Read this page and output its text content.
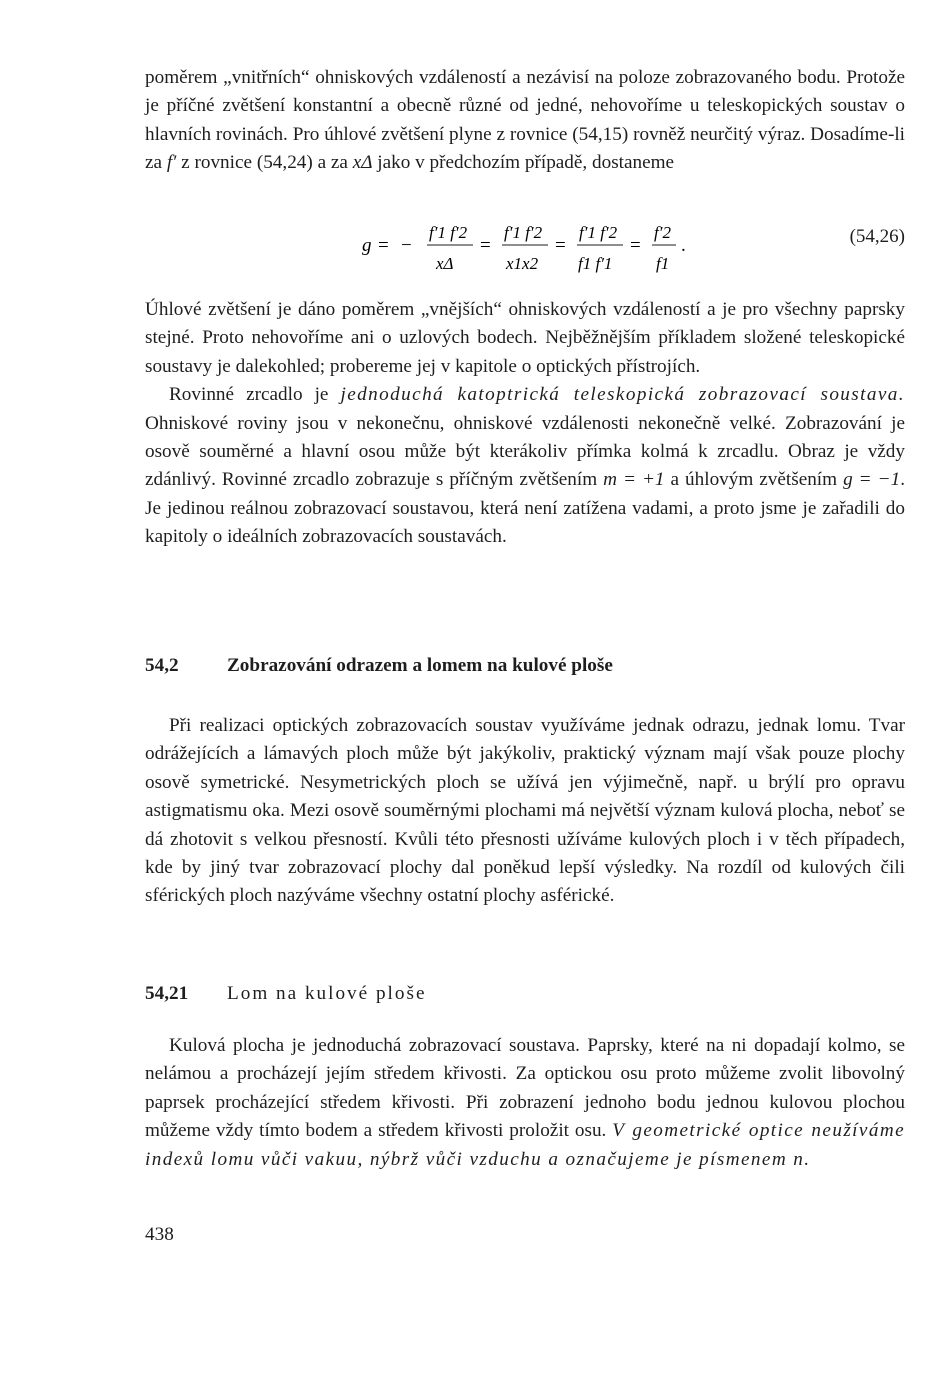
poměrem „vnitřních“ ohniskových vzdáleností a nezávisí na poloze zobrazovaného bodu. Protože je příčné zvětšení konstantní a obecně různé od jedné, nehovoříme u teleskopických soustav o hlavních rovinách. Pro úhlové zvětšení plyne z rovnice (54,15) rovněž neurčitý výraz. Dosadíme-li za f′ z rovnice (54,24) a za xΔ jako v předchozím případě, dostaneme

g = −
f′1 f′2
xΔ
=
f′1 f′2
x1x2
=
f′1 f′2
f1 f′1
=
f′2
f1
.	(54,26)

Úhlové zvětšení je dáno poměrem „vnějších“ ohniskových vzdáleností a je pro všechny paprsky stejné. Proto nehovoříme ani o uzlových bodech. Nejběžnějším příkladem složené teleskopické soustavy je dalekohled; probereme jej v kapitole o optických přístrojích.

Rovinné zrcadlo je jednoduchá katoptrická teleskopická zobrazovací soustava. Ohniskové roviny jsou v nekonečnu, ohniskové vzdálenosti nekonečně velké. Zobrazování je osově souměrné a hlavní osou může být kterákoliv přímka kolmá k zrcadlu. Obraz je vždy zdánlivý. Rovinné zrcadlo zobrazuje s příčným zvětšením m = +1 a úhlovým zvětšením g = −1. Je jedinou reálnou zobrazovací soustavou, která není zatížena vadami, a proto jsme je zařadili do kapitoly o ideálních zobrazovacích soustavách.

54,2	Zobrazování odrazem a lomem na kulové ploše

Při realizaci optických zobrazovacích soustav využíváme jednak odrazu, jednak lomu. Tvar odrážejících a lámavých ploch může být jakýkoliv, praktický význam mají však pouze plochy osově symetrické. Nesymetrických ploch se užívá jen výjimečně, např. u brýlí pro opravu astigmatismu oka. Mezi osově souměrnými plochami má největší význam kulová plocha, neboť se dá zhotovit s velkou přesností. Kvůli této přesnosti užíváme kulových ploch i v těch případech, kde by jiný tvar zobrazovací plochy dal poněkud lepší výsledky. Na rozdíl od kulových čili sférických ploch nazýváme všechny ostatní plochy asférické.

54,21 Lom na kulové ploše

Kulová plocha je jednoduchá zobrazovací soustava. Paprsky, které na ni dopadají kolmo, se nelámou a procházejí jejím středem křivosti. Za optickou osu proto můžeme zvolit libovolný paprsek procházející středem křivosti. Při zobrazení jednoho bodu jednou kulovou plochou můžeme vždy tímto bodem a středem křivosti proložit osu. V geometrické optice neužíváme indexů lomu vůči vakuu, nýbrž vůči vzduchu a označujeme je písmenem n.

438
